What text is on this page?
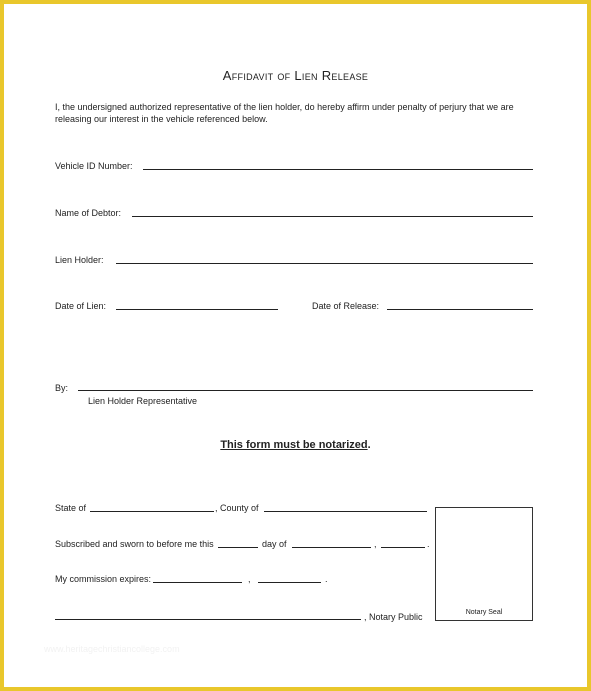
Affidavit of Lien Release
I, the undersigned authorized representative of the lien holder, do hereby affirm under penalty of perjury that we are releasing our interest in the vehicle referenced below.
Vehicle ID Number:
Name of Debtor:
Lien Holder:
Date of Lien:	Date of Release:
By:
Lien Holder Representative
This form must be notarized.
State of	, County of
Subscribed and sworn to before me this	day of	,	.
My commission expires:	,	.
, Notary Public	Notary Seal
www.heritagechristiancollege.com
